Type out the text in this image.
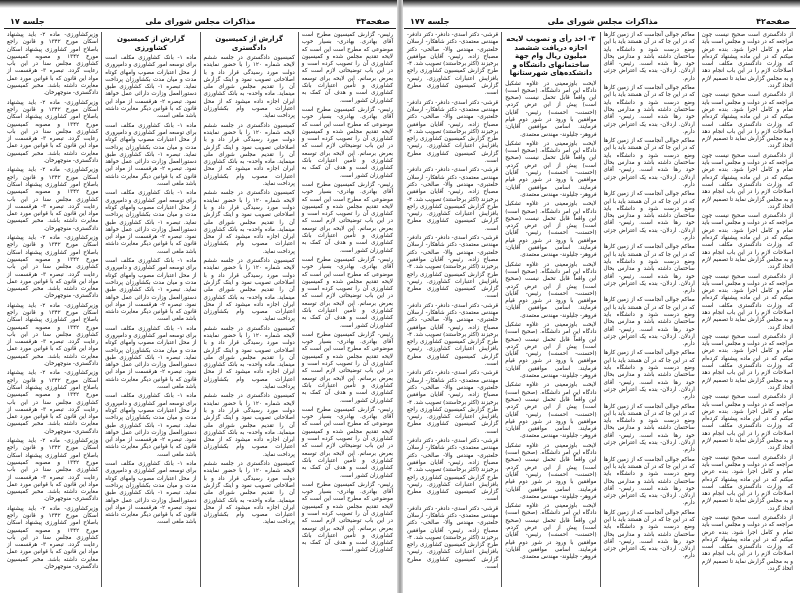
صفحه۴۳
مذاکرات مجلس شورای ملی
جلسه ۱۷

رئیس- گزارش کمیسیون مطرح است آقای بهادری. بهادری- بسیار خوب موضوعی که مطرح است این است که لایحه تقدیم مجلس شده و کمیسیون کشاورزی آن را تصویب کرده است و در این باب توضیحاتی لازم است که بعرض برسانم. این لایحه برای توسعه کشاورزی و تأمین اعتبارات بانک کشاورزی است و هدف آن کمک به کشاورزان کشور است.

رئیس- گزارش کمیسیون مطرح است آقای بهادری. بهادری- بسیار خوب موضوعی که مطرح است این است که لایحه تقدیم مجلس شده و کمیسیون کشاورزی آن را تصویب کرده است و در این باب توضیحاتی لازم است که بعرض برسانم. این لایحه برای توسعه کشاورزی و تأمین اعتبارات بانک کشاورزی است و هدف آن کمک به کشاورزان کشور است.

رئیس- گزارش کمیسیون مطرح است آقای بهادری. بهادری- بسیار خوب موضوعی که مطرح است این است که لایحه تقدیم مجلس شده و کمیسیون کشاورزی آن را تصویب کرده است و در این باب توضیحاتی لازم است که بعرض برسانم. این لایحه برای توسعه کشاورزی و تأمین اعتبارات بانک کشاورزی است و هدف آن کمک به کشاورزان کشور است.

رئیس- گزارش کمیسیون مطرح است آقای بهادری. بهادری- بسیار خوب موضوعی که مطرح است این است که لایحه تقدیم مجلس شده و کمیسیون کشاورزی آن را تصویب کرده است و در این باب توضیحاتی لازم است که بعرض برسانم. این لایحه برای توسعه کشاورزی و تأمین اعتبارات بانک کشاورزی است و هدف آن کمک به کشاورزان کشور است.

رئیس- گزارش کمیسیون مطرح است آقای بهادری. بهادری- بسیار خوب موضوعی که مطرح است این است که لایحه تقدیم مجلس شده و کمیسیون کشاورزی آن را تصویب کرده است و در این باب توضیحاتی لازم است که بعرض برسانم. این لایحه برای توسعه کشاورزی و تأمین اعتبارات بانک کشاورزی است و هدف آن کمک به کشاورزان کشور است.

رئیس- گزارش کمیسیون مطرح است آقای بهادری. بهادری- بسیار خوب موضوعی که مطرح است این است که لایحه تقدیم مجلس شده و کمیسیون کشاورزی آن را تصویب کرده است و در این باب توضیحاتی لازم است که بعرض برسانم. این لایحه برای توسعه کشاورزی و تأمین اعتبارات بانک کشاورزی است و هدف آن کمک به کشاورزان کشور است.

رئیس- گزارش کمیسیون مطرح است آقای بهادری. بهادری- بسیار خوب موضوعی که مطرح است این است که لایحه تقدیم مجلس شده و کمیسیون کشاورزی آن را تصویب کرده است و در این باب توضیحاتی لازم است که بعرض برسانم. این لایحه برای توسعه کشاورزی و تأمین اعتبارات بانک کشاورزی است و هدف آن کمک به کشاورزان کشور است.

گزارش از کمیسیون دادگستری

کمیسیون دادگستری در جلسه ششم لایحه شماره ۱۲۰ را با حضور نماینده دولت مورد رسیدگی قرار داد و با اصلاحاتی تصویب نمود و اینک گزارش آن را تقدیم مجلس شورای ملی مینماید. ماده واحده- به بانک کشاورزی ایران اجازه داده میشود که از محل اعتبارات مصوب وام بکشاورزان پرداخت نماید.

کمیسیون دادگستری در جلسه ششم لایحه شماره ۱۲۰ را با حضور نماینده دولت مورد رسیدگی قرار داد و با اصلاحاتی تصویب نمود و اینک گزارش آن را تقدیم مجلس شورای ملی مینماید. ماده واحده- به بانک کشاورزی ایران اجازه داده میشود که از محل اعتبارات مصوب وام بکشاورزان پرداخت نماید.

کمیسیون دادگستری در جلسه ششم لایحه شماره ۱۲۰ را با حضور نماینده دولت مورد رسیدگی قرار داد و با اصلاحاتی تصویب نمود و اینک گزارش آن را تقدیم مجلس شورای ملی مینماید. ماده واحده- به بانک کشاورزی ایران اجازه داده میشود که از محل اعتبارات مصوب وام بکشاورزان پرداخت نماید.

کمیسیون دادگستری در جلسه ششم لایحه شماره ۱۲۰ را با حضور نماینده دولت مورد رسیدگی قرار داد و با اصلاحاتی تصویب نمود و اینک گزارش آن را تقدیم مجلس شورای ملی مینماید. ماده واحده- به بانک کشاورزی ایران اجازه داده میشود که از محل اعتبارات مصوب وام بکشاورزان پرداخت نماید.

کمیسیون دادگستری در جلسه ششم لایحه شماره ۱۲۰ را با حضور نماینده دولت مورد رسیدگی قرار داد و با اصلاحاتی تصویب نمود و اینک گزارش آن را تقدیم مجلس شورای ملی مینماید. ماده واحده- به بانک کشاورزی ایران اجازه داده میشود که از محل اعتبارات مصوب وام بکشاورزان پرداخت نماید.

کمیسیون دادگستری در جلسه ششم لایحه شماره ۱۲۰ را با حضور نماینده دولت مورد رسیدگی قرار داد و با اصلاحاتی تصویب نمود و اینک گزارش آن را تقدیم مجلس شورای ملی مینماید. ماده واحده- به بانک کشاورزی ایران اجازه داده میشود که از محل اعتبارات مصوب وام بکشاورزان پرداخت نماید.

کمیسیون دادگستری در جلسه ششم لایحه شماره ۱۲۰ را با حضور نماینده دولت مورد رسیدگی قرار داد و با اصلاحاتی تصویب نمود و اینک گزارش آن را تقدیم مجلس شورای ملی مینماید. ماده واحده- به بانک کشاورزی ایران اجازه داده میشود که از محل اعتبارات مصوب وام بکشاورزان پرداخت نماید.

گزارش از کمیسیون کشاورزی

ماده ۱- بانک کشاورزی مکلف است برای توسعه امور کشاورزی و دامپروری از محل اعتبارات مصوب وامهای کوتاه مدت و میان مدت بکشاورزان پرداخت نماید. تبصره ۱- بانک کشاورزی طبق دستورالعمل وزارت دارائی عمل خواهد نمود. تبصره ۲- هرقسمت از مواد این قانون که با قوانین دیگر مغایرت داشته باشد ملغی است.

ماده ۱- بانک کشاورزی مکلف است برای توسعه امور کشاورزی و دامپروری از محل اعتبارات مصوب وامهای کوتاه مدت و میان مدت بکشاورزان پرداخت نماید. تبصره ۱- بانک کشاورزی طبق دستورالعمل وزارت دارائی عمل خواهد نمود. تبصره ۲- هرقسمت از مواد این قانون که با قوانین دیگر مغایرت داشته باشد ملغی است.

ماده ۱- بانک کشاورزی مکلف است برای توسعه امور کشاورزی و دامپروری از محل اعتبارات مصوب وامهای کوتاه مدت و میان مدت بکشاورزان پرداخت نماید. تبصره ۱- بانک کشاورزی طبق دستورالعمل وزارت دارائی عمل خواهد نمود. تبصره ۲- هرقسمت از مواد این قانون که با قوانین دیگر مغایرت داشته باشد ملغی است.

ماده ۱- بانک کشاورزی مکلف است برای توسعه امور کشاورزی و دامپروری از محل اعتبارات مصوب وامهای کوتاه مدت و میان مدت بکشاورزان پرداخت نماید. تبصره ۱- بانک کشاورزی طبق دستورالعمل وزارت دارائی عمل خواهد نمود. تبصره ۲- هرقسمت از مواد این قانون که با قوانین دیگر مغایرت داشته باشد ملغی است.

ماده ۱- بانک کشاورزی مکلف است برای توسعه امور کشاورزی و دامپروری از محل اعتبارات مصوب وامهای کوتاه مدت و میان مدت بکشاورزان پرداخت نماید. تبصره ۱- بانک کشاورزی طبق دستورالعمل وزارت دارائی عمل خواهد نمود. تبصره ۲- هرقسمت از مواد این قانون که با قوانین دیگر مغایرت داشته باشد ملغی است.

ماده ۱- بانک کشاورزی مکلف است برای توسعه امور کشاورزی و دامپروری از محل اعتبارات مصوب وامهای کوتاه مدت و میان مدت بکشاورزان پرداخت نماید. تبصره ۱- بانک کشاورزی طبق دستورالعمل وزارت دارائی عمل خواهد نمود. تبصره ۲- هرقسمت از مواد این قانون که با قوانین دیگر مغایرت داشته باشد ملغی است.

ماده ۱- بانک کشاورزی مکلف است برای توسعه امور کشاورزی و دامپروری از محل اعتبارات مصوب وامهای کوتاه مدت و میان مدت بکشاورزان پرداخت نماید. تبصره ۱- بانک کشاورزی طبق دستورالعمل وزارت دارائی عمل خواهد نمود. تبصره ۲- هرقسمت از مواد این قانون که با قوانین دیگر مغایرت داشته باشد ملغی است.

وزیرکشاورزی- ماده ۲- باید پیشنهاد اسکان مورخ ۱۳۴۲ و قانون راجع باصلاح امور کشاورزی پیشنهاد اسکان مورخ ۱۳۴۲ و مصوبه کمیسیون کشاورزی مجلس سنا در این باب رعایت گردد. تبصره ۳- هرقسمت از مواد این قانون که با قوانین مورد عمل مغایرت داشته باشد. مخبر کمیسیون دادگستری- منوچهرخان.

وزیرکشاورزی- ماده ۲- باید پیشنهاد اسکان مورخ ۱۳۴۲ و قانون راجع باصلاح امور کشاورزی پیشنهاد اسکان مورخ ۱۳۴۲ و مصوبه کمیسیون کشاورزی مجلس سنا در این باب رعایت گردد. تبصره ۳- هرقسمت از مواد این قانون که با قوانین مورد عمل مغایرت داشته باشد. مخبر کمیسیون دادگستری- منوچهرخان.

وزیرکشاورزی- ماده ۲- باید پیشنهاد اسکان مورخ ۱۳۴۲ و قانون راجع باصلاح امور کشاورزی پیشنهاد اسکان مورخ ۱۳۴۲ و مصوبه کمیسیون کشاورزی مجلس سنا در این باب رعایت گردد. تبصره ۳- هرقسمت از مواد این قانون که با قوانین مورد عمل مغایرت داشته باشد. مخبر کمیسیون دادگستری- منوچهرخان.

وزیرکشاورزی- ماده ۲- باید پیشنهاد اسکان مورخ ۱۳۴۲ و قانون راجع باصلاح امور کشاورزی پیشنهاد اسکان مورخ ۱۳۴۲ و مصوبه کمیسیون کشاورزی مجلس سنا در این باب رعایت گردد. تبصره ۳- هرقسمت از مواد این قانون که با قوانین مورد عمل مغایرت داشته باشد. مخبر کمیسیون دادگستری- منوچهرخان.

وزیرکشاورزی- ماده ۲- باید پیشنهاد اسکان مورخ ۱۳۴۲ و قانون راجع باصلاح امور کشاورزی پیشنهاد اسکان مورخ ۱۳۴۲ و مصوبه کمیسیون کشاورزی مجلس سنا در این باب رعایت گردد. تبصره ۳- هرقسمت از مواد این قانون که با قوانین مورد عمل مغایرت داشته باشد. مخبر کمیسیون دادگستری- منوچهرخان.

وزیرکشاورزی- ماده ۲- باید پیشنهاد اسکان مورخ ۱۳۴۲ و قانون راجع باصلاح امور کشاورزی پیشنهاد اسکان مورخ ۱۳۴۲ و مصوبه کمیسیون کشاورزی مجلس سنا در این باب رعایت گردد. تبصره ۳- هرقسمت از مواد این قانون که با قوانین مورد عمل مغایرت داشته باشد. مخبر کمیسیون دادگستری- منوچهرخان.

وزیرکشاورزی- ماده ۲- باید پیشنهاد اسکان مورخ ۱۳۴۲ و قانون راجع باصلاح امور کشاورزی پیشنهاد اسکان مورخ ۱۳۴۲ و مصوبه کمیسیون کشاورزی مجلس سنا در این باب رعایت گردد. تبصره ۳- هرقسمت از مواد این قانون که با قوانین مورد عمل مغایرت داشته باشد. مخبر کمیسیون دادگستری- منوچهرخان.

وزیرکشاورزی- ماده ۲- باید پیشنهاد اسکان مورخ ۱۳۴۲ و قانون راجع باصلاح امور کشاورزی پیشنهاد اسکان مورخ ۱۳۴۲ و مصوبه کمیسیون کشاورزی مجلس سنا در این باب رعایت گردد. تبصره ۳- هرقسمت از مواد این قانون که با قوانین مورد عمل مغایرت داشته باشد. مخبر کمیسیون دادگستری- منوچهرخان.

صفحه۴۲
مذاکرات مجلس شورای ملی
جلسه ۱۷۷

از دادگستری است صحیح نیست چون مراجعه که در دولت و مجلس است باید تمام و کامل اجرا شود. بنده عرض میکنم که در این ماده پیشنهاد کرده‌ام که وزارت دادگستری مکلف است اصلاحات لازم را در این باب انجام دهد و به مجلس گزارش نماید تا تصمیم لازم اتخاذ گردد.

از دادگستری است صحیح نیست چون مراجعه که در دولت و مجلس است باید تمام و کامل اجرا شود. بنده عرض میکنم که در این ماده پیشنهاد کرده‌ام که وزارت دادگستری مکلف است اصلاحات لازم را در این باب انجام دهد و به مجلس گزارش نماید تا تصمیم لازم اتخاذ گردد.

از دادگستری است صحیح نیست چون مراجعه که در دولت و مجلس است باید تمام و کامل اجرا شود. بنده عرض میکنم که در این ماده پیشنهاد کرده‌ام که وزارت دادگستری مکلف است اصلاحات لازم را در این باب انجام دهد و به مجلس گزارش نماید تا تصمیم لازم اتخاذ گردد.

از دادگستری است صحیح نیست چون مراجعه که در دولت و مجلس است باید تمام و کامل اجرا شود. بنده عرض میکنم که در این ماده پیشنهاد کرده‌ام که وزارت دادگستری مکلف است اصلاحات لازم را در این باب انجام دهد و به مجلس گزارش نماید تا تصمیم لازم اتخاذ گردد.

از دادگستری است صحیح نیست چون مراجعه که در دولت و مجلس است باید تمام و کامل اجرا شود. بنده عرض میکنم که در این ماده پیشنهاد کرده‌ام که وزارت دادگستری مکلف است اصلاحات لازم را در این باب انجام دهد و به مجلس گزارش نماید تا تصمیم لازم اتخاذ گردد.

از دادگستری است صحیح نیست چون مراجعه که در دولت و مجلس است باید تمام و کامل اجرا شود. بنده عرض میکنم که در این ماده پیشنهاد کرده‌ام که وزارت دادگستری مکلف است اصلاحات لازم را در این باب انجام دهد و به مجلس گزارش نماید تا تصمیم لازم اتخاذ گردد.

از دادگستری است صحیح نیست چون مراجعه که در دولت و مجلس است باید تمام و کامل اجرا شود. بنده عرض میکنم که در این ماده پیشنهاد کرده‌ام که وزارت دادگستری مکلف است اصلاحات لازم را در این باب انجام دهد و به مجلس گزارش نماید تا تصمیم لازم اتخاذ گردد.

از دادگستری است صحیح نیست چون مراجعه که در دولت و مجلس است باید تمام و کامل اجرا شود. بنده عرض میکنم که در این ماده پیشنهاد کرده‌ام که وزارت دادگستری مکلف است اصلاحات لازم را در این باب انجام دهد و به مجلس گزارش نماید تا تصمیم لازم اتخاذ گردد.

از دادگستری است صحیح نیست چون مراجعه که در دولت و مجلس است باید تمام و کامل اجرا شود. بنده عرض میکنم که در این ماده پیشنهاد کرده‌ام که وزارت دادگستری مکلف است اصلاحات لازم را در این باب انجام دهد و به مجلس گزارش نماید تا تصمیم لازم اتخاذ گردد.

معاکم جوالی آنجاست که از زمین کارها که در این جا که در آن هستند باید با این وضع درست شود و دانشگاه باید ساختمان داشته باشد و مدارس بحال خود رها شده است. رئیس- آقای اردلان. اردلان- بنده یک اعتراض جزئی دارم.

معاکم جوالی آنجاست که از زمین کارها که در این جا که در آن هستند باید با این وضع درست شود و دانشگاه باید ساختمان داشته باشد و مدارس بحال خود رها شده است. رئیس- آقای اردلان. اردلان- بنده یک اعتراض جزئی دارم.

معاکم جوالی آنجاست که از زمین کارها که در این جا که در آن هستند باید با این وضع درست شود و دانشگاه باید ساختمان داشته باشد و مدارس بحال خود رها شده است. رئیس- آقای اردلان. اردلان- بنده یک اعتراض جزئی دارم.

معاکم جوالی آنجاست که از زمین کارها که در این جا که در آن هستند باید با این وضع درست شود و دانشگاه باید ساختمان داشته باشد و مدارس بحال خود رها شده است. رئیس- آقای اردلان. اردلان- بنده یک اعتراض جزئی دارم.

معاکم جوالی آنجاست که از زمین کارها که در این جا که در آن هستند باید با این وضع درست شود و دانشگاه باید ساختمان داشته باشد و مدارس بحال خود رها شده است. رئیس- آقای اردلان. اردلان- بنده یک اعتراض جزئی دارم.

معاکم جوالی آنجاست که از زمین کارها که در این جا که در آن هستند باید با این وضع درست شود و دانشگاه باید ساختمان داشته باشد و مدارس بحال خود رها شده است. رئیس- آقای اردلان. اردلان- بنده یک اعتراض جزئی دارم.

معاکم جوالی آنجاست که از زمین کارها که در این جا که در آن هستند باید با این وضع درست شود و دانشگاه باید ساختمان داشته باشد و مدارس بحال خود رها شده است. رئیس- آقای اردلان. اردلان- بنده یک اعتراض جزئی دارم.

معاکم جوالی آنجاست که از زمین کارها که در این جا که در آن هستند باید با این وضع درست شود و دانشگاه باید ساختمان داشته باشد و مدارس بحال خود رها شده است. رئیس- آقای اردلان. اردلان- بنده یک اعتراض جزئی دارم.

معاکم جوالی آنجاست که از زمین کارها که در این جا که در آن هستند باید با این وضع درست شود و دانشگاه باید ساختمان داشته باشد و مدارس بحال خود رها شده است. رئیس- آقای اردلان. اردلان- بنده یک اعتراض جزئی دارم.

معاکم جوالی آنجاست که از زمین کارها که در این جا که در آن هستند باید با این وضع درست شود و دانشگاه باید ساختمان داشته باشد و مدارس بحال خود رها شده است. رئیس- آقای اردلان. اردلان- بنده یک اعتراض جزئی دارم.

۳- اخذ رأی و تصویب لایحه اجازه دریافت ششصد میلیون ریال وام جهة ساختمانهای دانشگاه و دانشکده‌های شهرستانها

لایحت باوزمعینی در غلاوه تشکیل دادگاه این امر دانشگاه. (صحیح است) این واقعاً قابل تحمل نیست (صحیح است) پیش از این عرض کردم. (احسنت- احسنت) رئیس- آقایان موافقین با ورود در شور دوم قیام فرمایند. اسامی موافقین آقایان: فروهر- جلیلوند- مهندس معتمدی.

لایحت باوزمعینی در غلاوه تشکیل دادگاه این امر دانشگاه. (صحیح است) این واقعاً قابل تحمل نیست (صحیح است) پیش از این عرض کردم. (احسنت- احسنت) رئیس- آقایان موافقین با ورود در شور دوم قیام فرمایند. اسامی موافقین آقایان: فروهر- جلیلوند- مهندس معتمدی.

لایحت باوزمعینی در غلاوه تشکیل دادگاه این امر دانشگاه. (صحیح است) این واقعاً قابل تحمل نیست (صحیح است) پیش از این عرض کردم. (احسنت- احسنت) رئیس- آقایان موافقین با ورود در شور دوم قیام فرمایند. اسامی موافقین آقایان: فروهر- جلیلوند- مهندس معتمدی.

لایحت باوزمعینی در غلاوه تشکیل دادگاه این امر دانشگاه. (صحیح است) این واقعاً قابل تحمل نیست (صحیح است) پیش از این عرض کردم. (احسنت- احسنت) رئیس- آقایان موافقین با ورود در شور دوم قیام فرمایند. اسامی موافقین آقایان: فروهر- جلیلوند- مهندس معتمدی.

لایحت باوزمعینی در غلاوه تشکیل دادگاه این امر دانشگاه. (صحیح است) این واقعاً قابل تحمل نیست (صحیح است) پیش از این عرض کردم. (احسنت- احسنت) رئیس- آقایان موافقین با ورود در شور دوم قیام فرمایند. اسامی موافقین آقایان: فروهر- جلیلوند- مهندس معتمدی.

لایحت باوزمعینی در غلاوه تشکیل دادگاه این امر دانشگاه. (صحیح است) این واقعاً قابل تحمل نیست (صحیح است) پیش از این عرض کردم. (احسنت- احسنت) رئیس- آقایان موافقین با ورود در شور دوم قیام فرمایند. اسامی موافقین آقایان: فروهر- جلیلوند- مهندس معتمدی.

لایحت باوزمعینی در غلاوه تشکیل دادگاه این امر دانشگاه. (صحیح است) این واقعاً قابل تحمل نیست (صحیح است) پیش از این عرض کردم. (احسنت- احسنت) رئیس- آقایان موافقین با ورود در شور دوم قیام فرمایند. اسامی موافقین آقایان: فروهر- جلیلوند- مهندس معتمدی.

لایحت باوزمعینی در غلاوه تشکیل دادگاه این امر دانشگاه. (صحیح است) این واقعاً قابل تحمل نیست (صحیح است) پیش از این عرض کردم. (احسنت- احسنت) رئیس- آقایان موافقین با ورود در شور دوم قیام فرمایند. اسامی موافقین آقایان: فروهر- جلیلوند- مهندس معتمدی.

قرشی- دکتر اسدی- دادفر- دکتر دادفر- مهندس معتمدی- دکتر شاهکار- ارسلان خلعتبری- مهندس والا- صالحی- دکتر مصباح زاده. رئیس- آقایان موافقین برخیزند (اکثر برخاستند) تصویب شد. ۴- طرح گزارش کمیسیون کشاورزی راجع بافزایش اعتبارات کشاورزی. رئیس- گزارش کمیسیون کشاورزی مطرح است.

قرشی- دکتر اسدی- دادفر- دکتر دادفر- مهندس معتمدی- دکتر شاهکار- ارسلان خلعتبری- مهندس والا- صالحی- دکتر مصباح زاده. رئیس- آقایان موافقین برخیزند (اکثر برخاستند) تصویب شد. ۴- طرح گزارش کمیسیون کشاورزی راجع بافزایش اعتبارات کشاورزی. رئیس- گزارش کمیسیون کشاورزی مطرح است.

قرشی- دکتر اسدی- دادفر- دکتر دادفر- مهندس معتمدی- دکتر شاهکار- ارسلان خلعتبری- مهندس والا- صالحی- دکتر مصباح زاده. رئیس- آقایان موافقین برخیزند (اکثر برخاستند) تصویب شد. ۴- طرح گزارش کمیسیون کشاورزی راجع بافزایش اعتبارات کشاورزی. رئیس- گزارش کمیسیون کشاورزی مطرح است.

قرشی- دکتر اسدی- دادفر- دکتر دادفر- مهندس معتمدی- دکتر شاهکار- ارسلان خلعتبری- مهندس والا- صالحی- دکتر مصباح زاده. رئیس- آقایان موافقین برخیزند (اکثر برخاستند) تصویب شد. ۴- طرح گزارش کمیسیون کشاورزی راجع بافزایش اعتبارات کشاورزی. رئیس- گزارش کمیسیون کشاورزی مطرح است.

قرشی- دکتر اسدی- دادفر- دکتر دادفر- مهندس معتمدی- دکتر شاهکار- ارسلان خلعتبری- مهندس والا- صالحی- دکتر مصباح زاده. رئیس- آقایان موافقین برخیزند (اکثر برخاستند) تصویب شد. ۴- طرح گزارش کمیسیون کشاورزی راجع بافزایش اعتبارات کشاورزی. رئیس- گزارش کمیسیون کشاورزی مطرح است.

قرشی- دکتر اسدی- دادفر- دکتر دادفر- مهندس معتمدی- دکتر شاهکار- ارسلان خلعتبری- مهندس والا- صالحی- دکتر مصباح زاده. رئیس- آقایان موافقین برخیزند (اکثر برخاستند) تصویب شد. ۴- طرح گزارش کمیسیون کشاورزی راجع بافزایش اعتبارات کشاورزی. رئیس- گزارش کمیسیون کشاورزی مطرح است.

قرشی- دکتر اسدی- دادفر- دکتر دادفر- مهندس معتمدی- دکتر شاهکار- ارسلان خلعتبری- مهندس والا- صالحی- دکتر مصباح زاده. رئیس- آقایان موافقین برخیزند (اکثر برخاستند) تصویب شد. ۴- طرح گزارش کمیسیون کشاورزی راجع بافزایش اعتبارات کشاورزی. رئیس- گزارش کمیسیون کشاورزی مطرح است.

قرشی- دکتر اسدی- دادفر- دکتر دادفر- مهندس معتمدی- دکتر شاهکار- ارسلان خلعتبری- مهندس والا- صالحی- دکتر مصباح زاده. رئیس- آقایان موافقین برخیزند (اکثر برخاستند) تصویب شد. ۴- طرح گزارش کمیسیون کشاورزی راجع بافزایش اعتبارات کشاورزی. رئیس- گزارش کمیسیون کشاورزی مطرح است.
